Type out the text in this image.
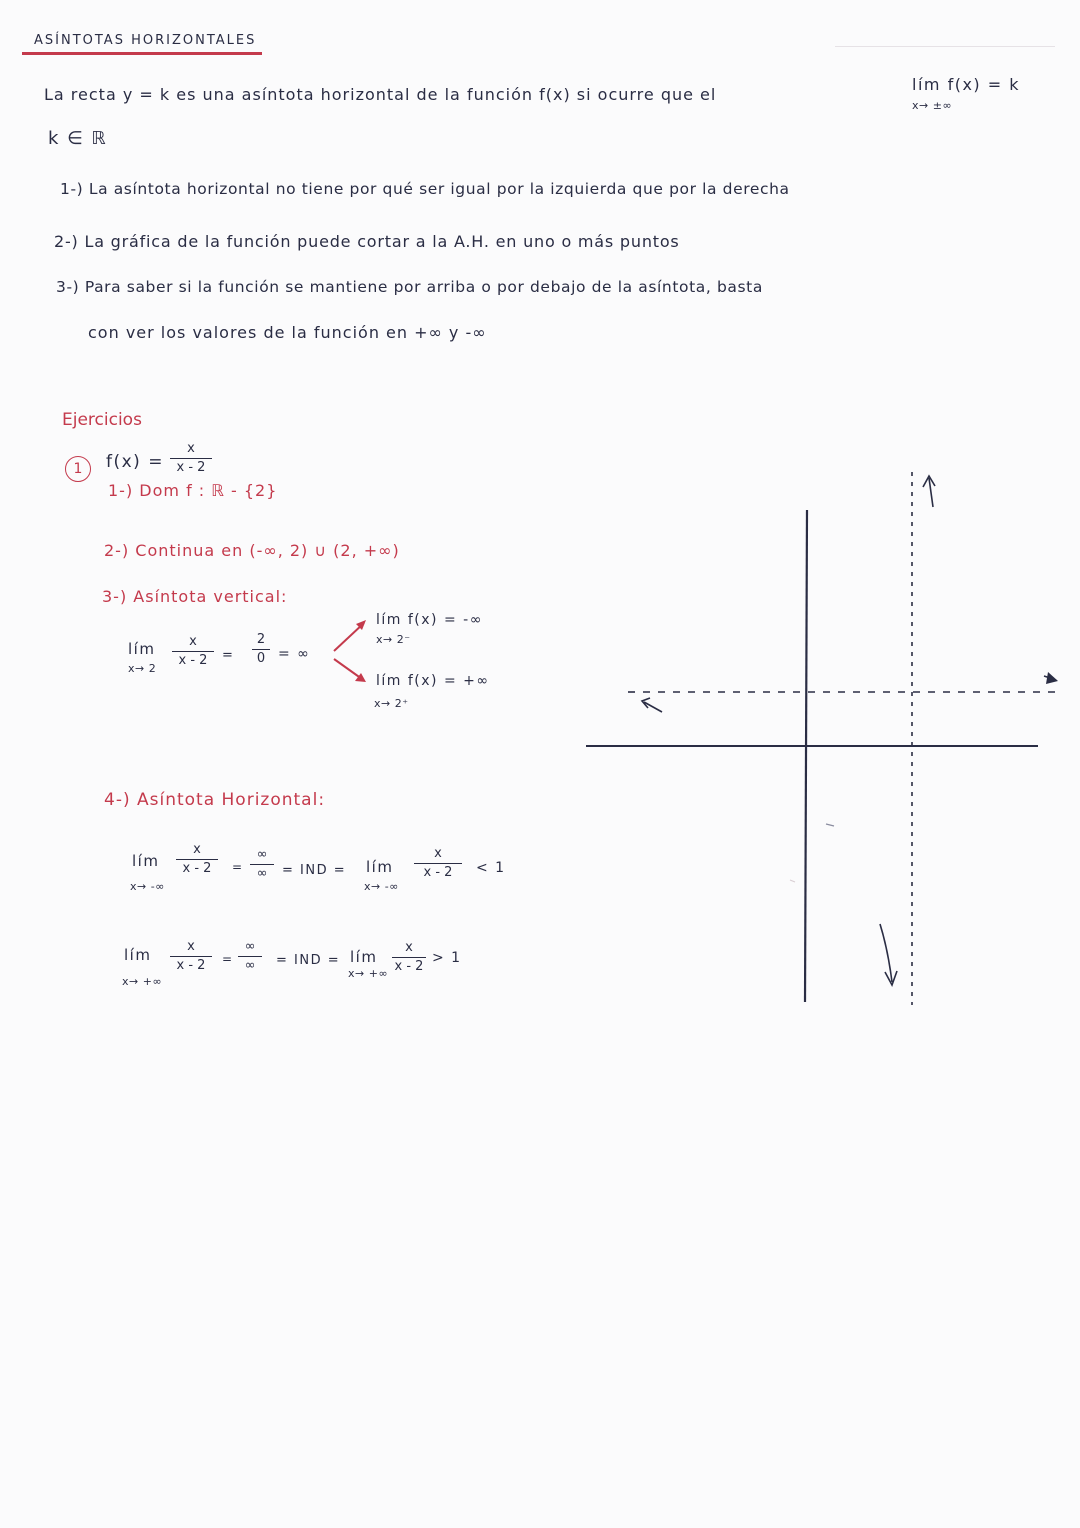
ASÍNTOTAS HORIZONTALES
La recta y = k es una asíntota horizontal de la función f(x) si ocurre que el
lím f(x) = k
x→ ±∞
k ∈ ℝ
1-) La asíntota horizontal no tiene por qué ser igual por la izquierda que por la derecha
2-) La gráfica de la función puede cortar a la A.H. en uno o más puntos
3-) Para saber si la función se mantiene por arriba o por debajo de la asíntota, basta
con ver los valores de la función en +∞ y -∞
Ejercicios
1	f(x) =
x
x - 2
1-) Dom f : ℝ - {2}
2-) Continua en (-∞, 2) ∪ (2, +∞)
3-) Asíntota vertical:
lím
x→ 2
x
x - 2	=
2
0 = ∞
lím f(x) = -∞
x→ 2⁻
lím f(x) = +∞
x→ 2⁺
4-) Asíntota Horizontal:
lím
x→ -∞
x
x - 2	=
∞
∞	= IND = lím
x→ -∞
x
x - 2	< 1
lím
x→ +∞
x
x - 2	=
∞
∞	= IND = lím
x→ +∞
x
x - 2
> 1
